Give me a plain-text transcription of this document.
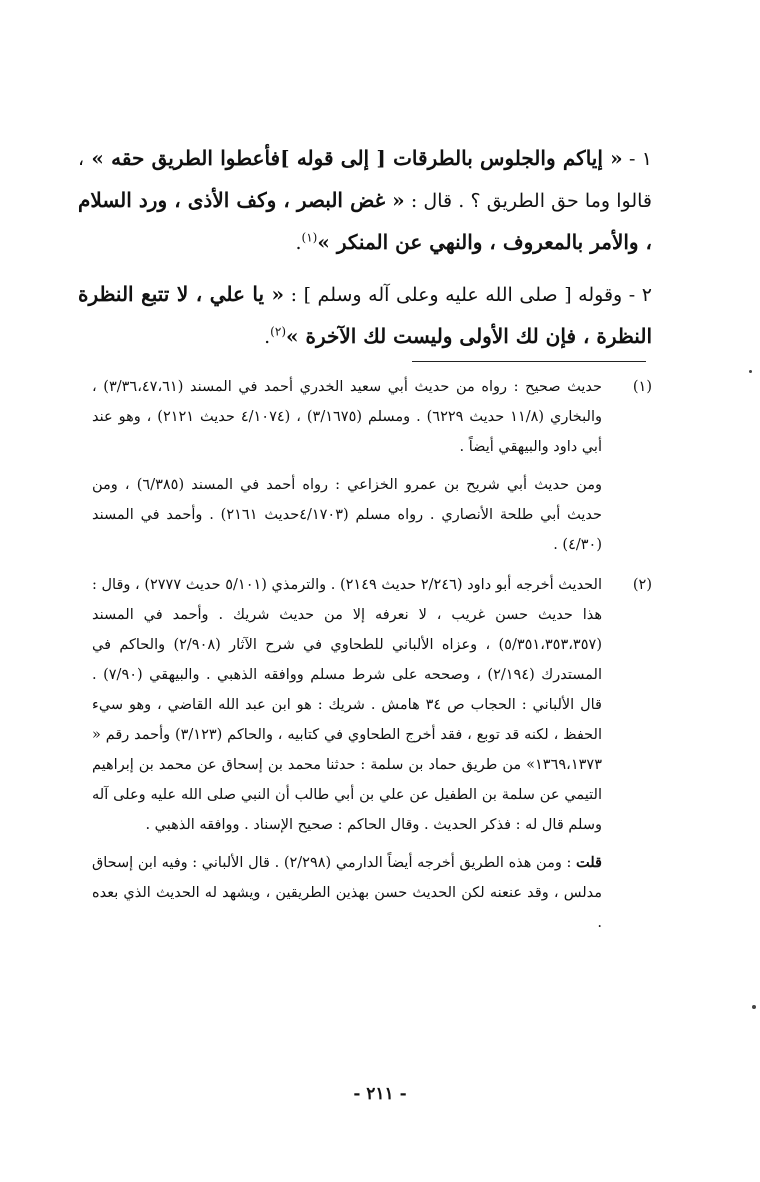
١ - « إياكم والجلوس بالطرقات [ إلى قوله ]فأعطوا الطريق حقه » ، قالوا وما حق الطريق ؟ . قال : « غض البصر ، وكف الأذى ، ورد السلام ، والأمر بالمعروف ، والنهي عن المنكر »$^{(١)}$.

٢ - وقوله [ صلى الله عليه وعلى آله وسلم ] : « يا علي ، لا تتبع النظرة النظرة ، فإن لك الأولى وليست لك الآخرة »$^{(٢)}$.

(١)

حديث صحيح : رواه من حديث أبي سعيد الخدري أحمد في المسند (٣/٣٦،٤٧،٦١) ، والبخاري (١١/٨ حديث ٦٢٢٩) . ومسلم (٣/١٦٧٥) ، (٤/١٠٧٤ حديث ٢١٢١) ، وهو عند أبي داود والبيهقي أيضاً .

ومن حديث أبي شريح بن عمرو الخزاعي : رواه أحمد في المسند (٦/٣٨٥) ، ومن حديث أبي طلحة الأنصاري . رواه مسلم (٤/١٧٠٣حديث ٢١٦١) . وأحمد في المسند (٤/٣٠) .

(٢)

الحديث أخرجه أبو داود (٢/٢٤٦ حديث ٢١٤٩) . والترمذي (٥/١٠١ حديث ٢٧٧٧) ، وقال : هذا حديث حسن غريب ، لا نعرفه إلا من حديث شريك . وأحمد في المسند (٥/٣٥١،٣٥٣،٣٥٧) ، وعزاه الألباني للطحاوي في شرح الآثار (٢/٩٠٨) والحاكم في المستدرك (٢/١٩٤) ، وصححه على شرط مسلم ووافقه الذهبي . والبيهقي (٧/٩٠) . قال الألباني : الحجاب ص ٣٤ هامش . شريك : هو ابن عبد الله القاضي ، وهو سيء الحفظ ، لكنه قد توبع ، فقد أخرج الطحاوي في كتابيه ، والحاكم (٣/١٢٣) وأحمد رقم « ١٣٦٩،١٣٧٣» من طريق حماد بن سلمة : حدثنا محمد بن إسحاق عن محمد بن إبراهيم التيمي عن سلمة بن الطفيل عن علي بن أبي طالب أن النبي صلى الله عليه وعلى آله وسلم قال له : فذكر الحديث . وقال الحاكم : صحيح الإسناد . ووافقه الذهبي .

قلت : ومن هذه الطريق أخرجه أيضاً الدارمي (٢/٢٩٨) . قال الألباني : وفيه ابن إسحاق مدلس ، وقد عنعنه لكن الحديث حسن بهذين الطريقين ، ويشهد له الحديث الذي بعده .

- ٢١١ -
